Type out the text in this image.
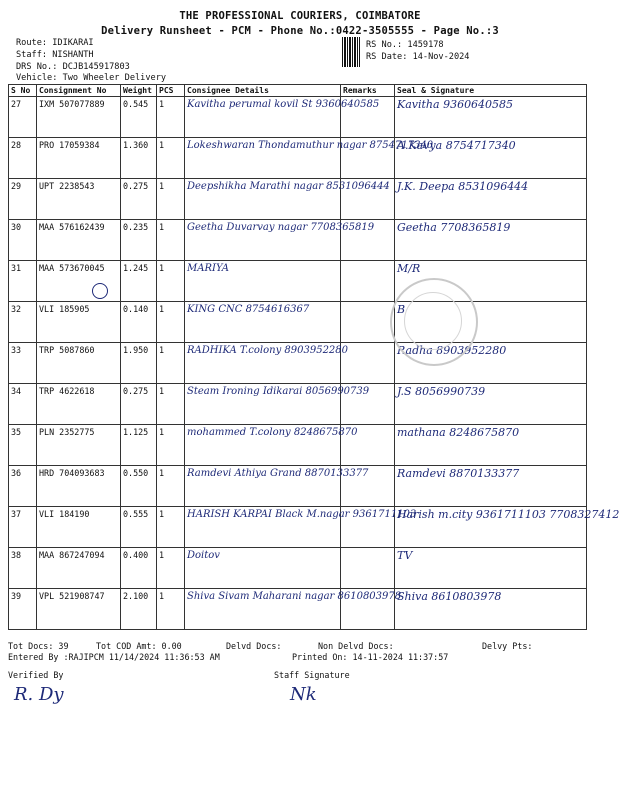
THE PROFESSIONAL COURIERS, COIMBATORE
Delivery Runsheet - PCM - Phone No.:0422-3505555 - Page No.:3
Route: IDIKARAI
Staff: NISHANTH
DRS No.: DCJB145917803
Vehicle: Two Wheeler Delivery
RS No.: 1459178
RS Date: 14-Nov-2024
S No	Consignment No	Weight	PCS	Consignee Details	Remarks	Seal & Signature
27	IXM 507077889	0.545	1	Kavitha perumal kovil St 9360640585		Kavitha 9360640585
28	PRO 17059384	1.360	1	Lokeshwaran Thondamuthur nagar 8754717340		A.Kavya 8754717340
29	UPT 2238543	0.275	1	Deepshikha Marathi nagar 8531096444		J.K. Deepa 8531096444
30	MAA 576162439	0.235	1	Geetha Duvarvay nagar 7708365819		Geetha 7708365819
31	MAA 573670045	1.245	1	MARIYA		M/R
32	VLI 185905	0.140	1	KING CNC 8754616367		B
33	TRP 5087860	1.950	1	RADHIKA T.colony 8903952280		Radha 8903952280
34	TRP 4622618	0.275	1	Steam Ironing Idikarai 8056990739		J.S 8056990739
35	PLN 2352775	1.125	1	mohammed T.colony 8248675870		mathana 8248675870
36	HRD 704093683	0.550	1	Ramdevi Athiya Grand 8870133377		Ramdevi 8870133377
37	VLI 184190	0.555	1	HARISH KARPAI Black M.nagar 9361711103		Harish m.city 9361711103 7708327412
38	MAA 867247094	0.400	1	Doitov		TV
39	VPL 521908747	2.100	1	Shiva Sivam Maharani nagar 8610803978		Shiva 8610803978
Tot Docs: 39	Tot COD Amt: 0.00	Delvd Docs:	Non Delvd Docs:	Delvy Pts:
Entered By :RAJIPCM 11/14/2024 11:36:53 AM	Printed On: 14-11-2024 11:37:57
Verified By	Staff Signature
R. Dy	Nk
